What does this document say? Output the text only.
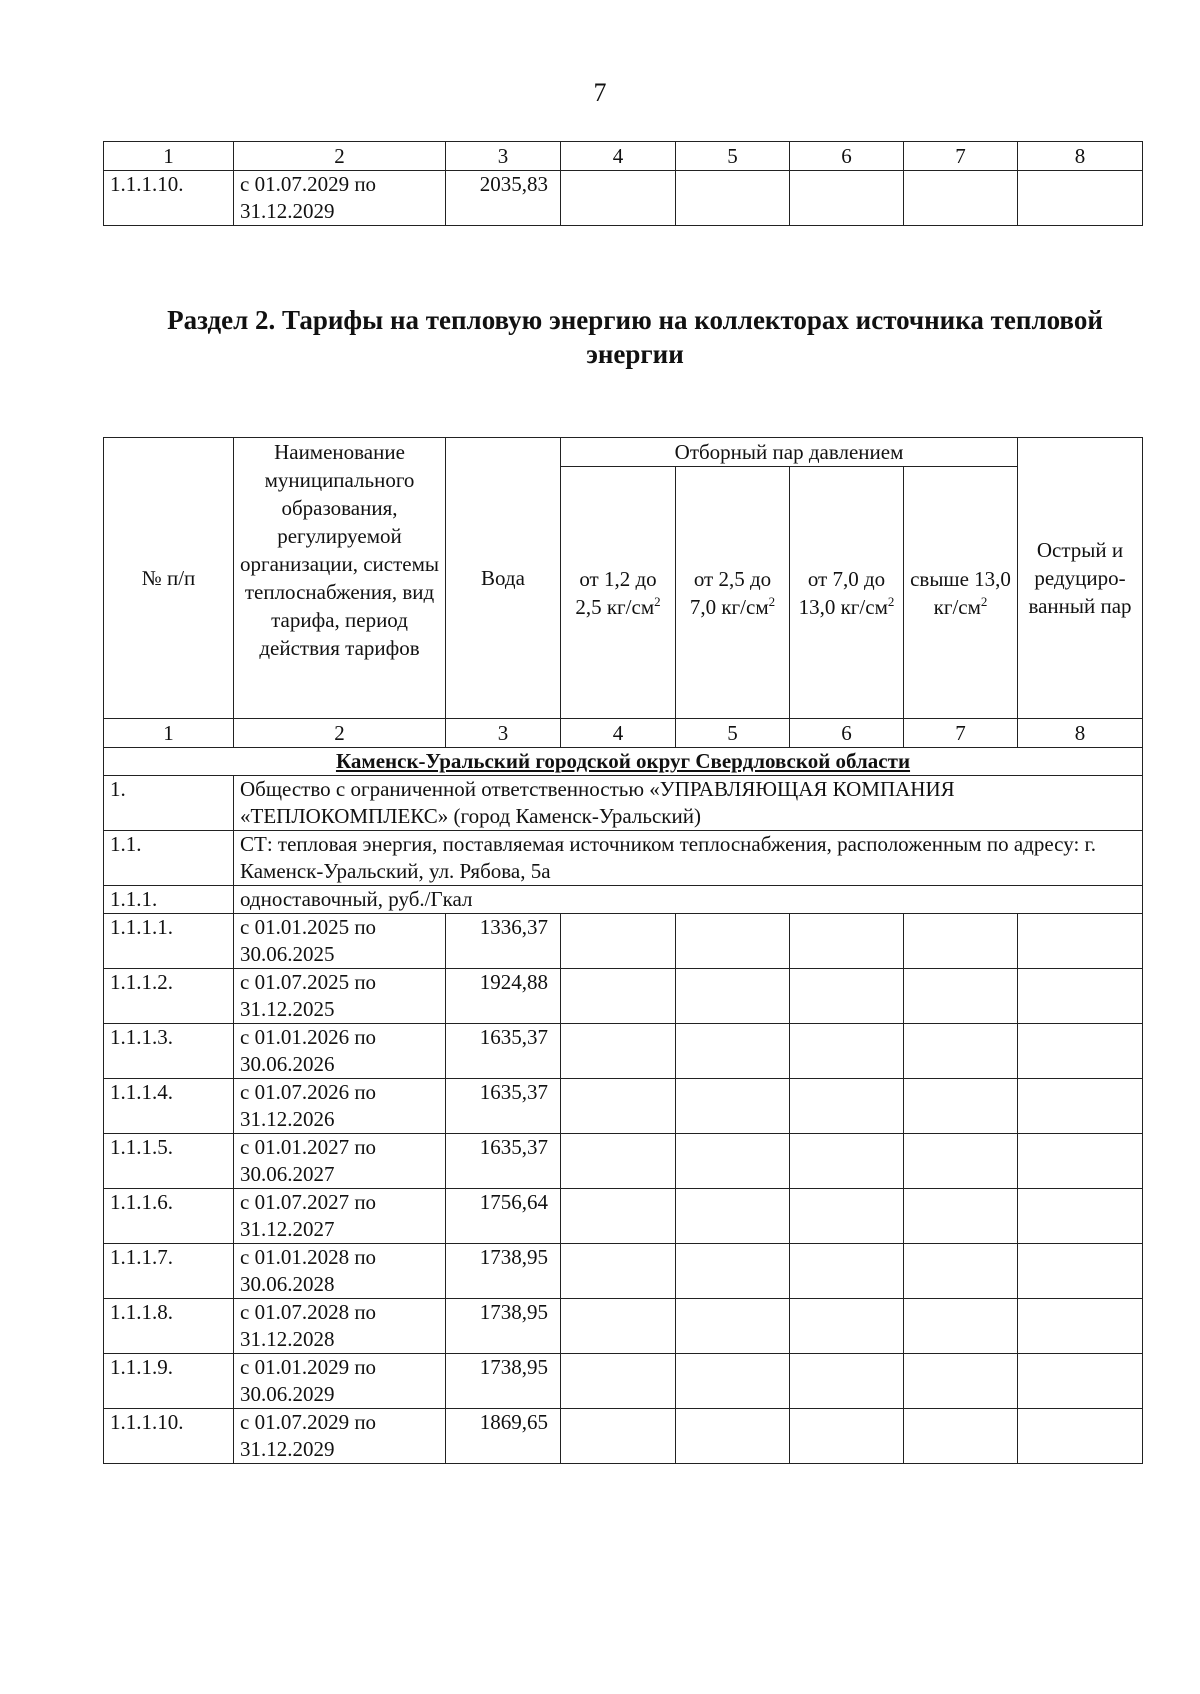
7
1	2	3	4	5	6	7	8
1.1.1.10.	с 01.07.2029 по 31.12.2029	2035,83					
Раздел 2. Тарифы на тепловую энергию на коллекторах источника тепловой энергии
№ п/п	Наименование муниципального образования, регулируемой организации, системы теплоснабжения, вид тарифа, период действия тарифов	Вода	Отборный пар давлением				Острый и редуциро-ванный пар
			от 1,2 до 2,5 $кг/см^2$	от 2,5 до 7,0 $кг/см^2$	от 7,0 до 13,0 $кг/см^2$	свыше 13,0 $кг/см^2$
1	2	3	4	5	6	7	8
Каменск-Уральский городской округ Свердловской области							
1.	Общество с ограниченной ответственностью «УПРАВЛЯЮЩАЯ КОМПАНИЯ «ТЕПЛОКОМПЛЕКС» (город Каменск-Уральский)						
1.1.	СТ: тепловая энергия, поставляемая источником теплоснабжения, расположенным по адресу: г. Каменск-Уральский, ул. Рябова, 5а						
1.1.1.	одноставочный, руб./Гкал						
1.1.1.1.	с 01.01.2025 по 30.06.2025	1336,37					
1.1.1.2.	с 01.07.2025 по 31.12.2025	1924,88					
1.1.1.3.	с 01.01.2026 по 30.06.2026	1635,37					
1.1.1.4.	с 01.07.2026 по 31.12.2026	1635,37					
1.1.1.5.	с 01.01.2027 по 30.06.2027	1635,37					
1.1.1.6.	с 01.07.2027 по 31.12.2027	1756,64					
1.1.1.7.	с 01.01.2028 по 30.06.2028	1738,95					
1.1.1.8.	с 01.07.2028 по 31.12.2028	1738,95					
1.1.1.9.	с 01.01.2029 по 30.06.2029	1738,95					
1.1.1.10.	с 01.07.2029 по 31.12.2029	1869,65					
